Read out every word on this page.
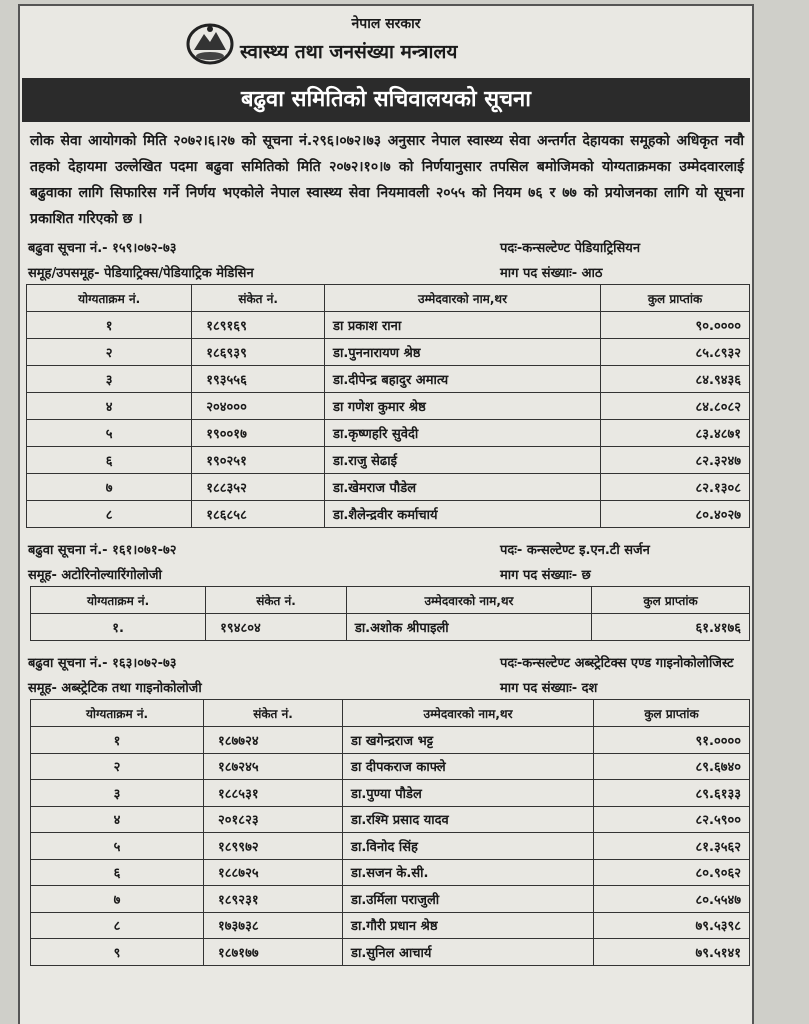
नेपाल सरकार
स्वास्थ्य तथा जनसंख्या मन्त्रालय
बढुवा समितिको सचिवालयको सूचना
लोक सेवा आयोगको मिति २०७२।६।२७ को सूचना नं.२९६।०७२।७३ अनुसार नेपाल स्वास्थ्य सेवा अन्तर्गत देहायका समूहको अधिकृत नवौ तहको देहायमा उल्लेखित पदमा बढुवा समितिको मिति २०७२।१०।७ को निर्णयानुसार तपसिल बमोजिमको योग्यताक्रमका उम्मेदवारलाई बढुवाका लागि सिफारिस गर्ने निर्णय भएकोले नेपाल स्वास्थ्य सेवा नियमावली २०५५ को नियम ७६ र ७७ को प्रयोजनका लागि यो सूचना प्रकाशित गरिएको छ ।
बढुवा सूचना नं.- १५९।०७२-७३	पदः-कन्सल्टेण्ट पेडियाट्रिसियन
समूह/उपसमूह- पेडियाट्रिक्स/पेडियाट्रिक मेडिसिन	माग पद संख्याः- आठ
योग्यताक्रम नं.	संकेत नं.	उम्मेदवारको नाम,थर	कुल प्राप्तांक
१	१८९१६९	डा प्रकाश राना	९०.००००
२	१८६९३९	डा.पुननारायण श्रेष्ठ	८५.८९३२
३	१९३५५६	डा.दीपेन्द्र बहादुर अमात्य	८४.९४३६
४	२०४०००	डा गणेश कुमार श्रेष्ठ	८४.८०८२
५	१९००१७	डा.कृष्णहरि सुवेदी	८३.४८७१
६	१९०२५१	डा.राजु सेढाई	८२.३२४७
७	१८८३५२	डा.खेमराज पौडेल	८२.१३०८
८	१८६८५८	डा.शैलेन्द्रवीर कर्माचार्य	८०.४०२७
बढुवा सूचना नं.- १६१।०७१-७२	पदः- कन्सल्टेण्ट इ.एन.टी सर्जन
समूह- अटोरिनोल्यारिंगोलोजी	माग पद संख्याः- छ
योग्यताक्रम नं.	संकेत नं.	उम्मेदवारको नाम,थर	कुल प्राप्तांक
१.	१९४८०४	डा.अशोक श्रीपाइली	६१.४१७६
बढुवा सूचना नं.- १६३।०७२-७३	पदः-कन्सल्टेण्ट अब्स्ट्रेटिक्स एण्ड गाइनोकोलोजिस्ट
समूह- अब्स्ट्रेटिक तथा गाइनोकोलोजी	माग पद संख्याः- दश
योग्यताक्रम नं.	संकेत नं.	उम्मेदवारको नाम,थर	कुल प्राप्तांक
१	१८७७२४	डा खगेन्द्रराज भट्ट	९१.००००
२	१८७२४५	डा दीपकराज काफ्ले	८९.६७४०
३	१८८५३१	डा.पुण्या पौडेल	८९.६१३३
४	२०१८२३	डा.रश्मि प्रसाद यादव	८२.५९००
५	१८९९७२	डा.विनोद सिंह	८१.३५६२
६	१८८७२५	डा.सजन के.सी.	८०.९०६२
७	१८९२३१	डा.उर्मिला पराजुली	८०.५५४७
८	१७३७३८	डा.गौरी प्रधान श्रेष्ठ	७९.५३९८
९	१८७१७७	डा.सुनिल आचार्य	७९.५१४१
